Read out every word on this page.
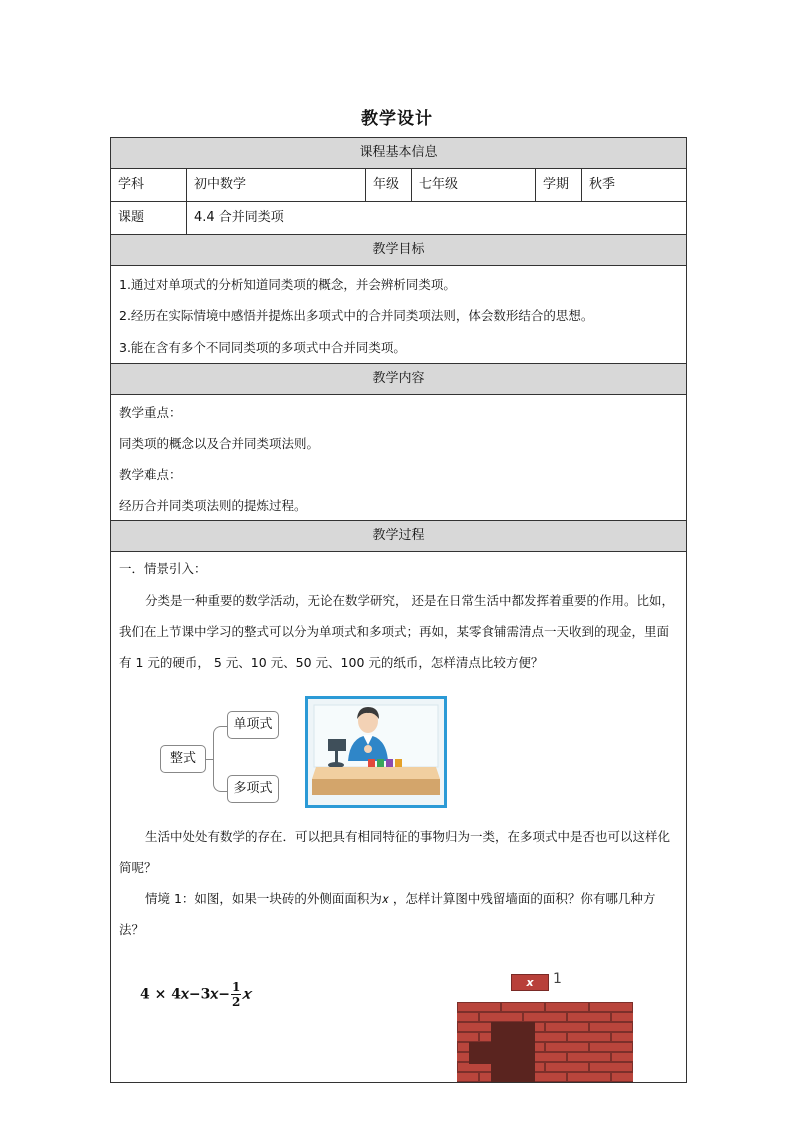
教学设计
课程基本信息
学科	初中数学	年级	七年级	学期	秋季
课题	4.4 合并同类项
教学目标
1.通过对单项式的分析知道同类项的概念，并会辨析同类项。
2.经历在实际情境中感悟并提炼出多项式中的合并同类项法则，体会数形结合的思想。
3.能在含有多个不同同类项的多项式中合并同类项。
教学内容
教学重点：
同类项的概念以及合并同类项法则。
教学难点：
经历合并同类项法则的提炼过程。
教学过程
一．情景引入：
分类是一种重要的数学活动，无论在数学研究， 还是在日常生活中都发挥着重要的作用。比如，我们在上节课中学习的整式可以分为单项式和多项式；再如，某零食铺需清点一天收到的现金，里面有 1 元的硬币， 5 元、10 元、50 元、100 元的纸币，怎样清点比较方便？
整式
单项式
多项式
生活中处处有数学的存在．可以把具有相同特征的事物归为一类，在多项式中是否也可以这样化简呢？
情境 1：如图，如果一块砖的外侧面面积为𝑥 ，怎样计算图中残留墙面的面积？你有哪几种方法？
4 × 4𝑥−3𝑥− $\frac{1}{2}$ 𝑥
x	1
